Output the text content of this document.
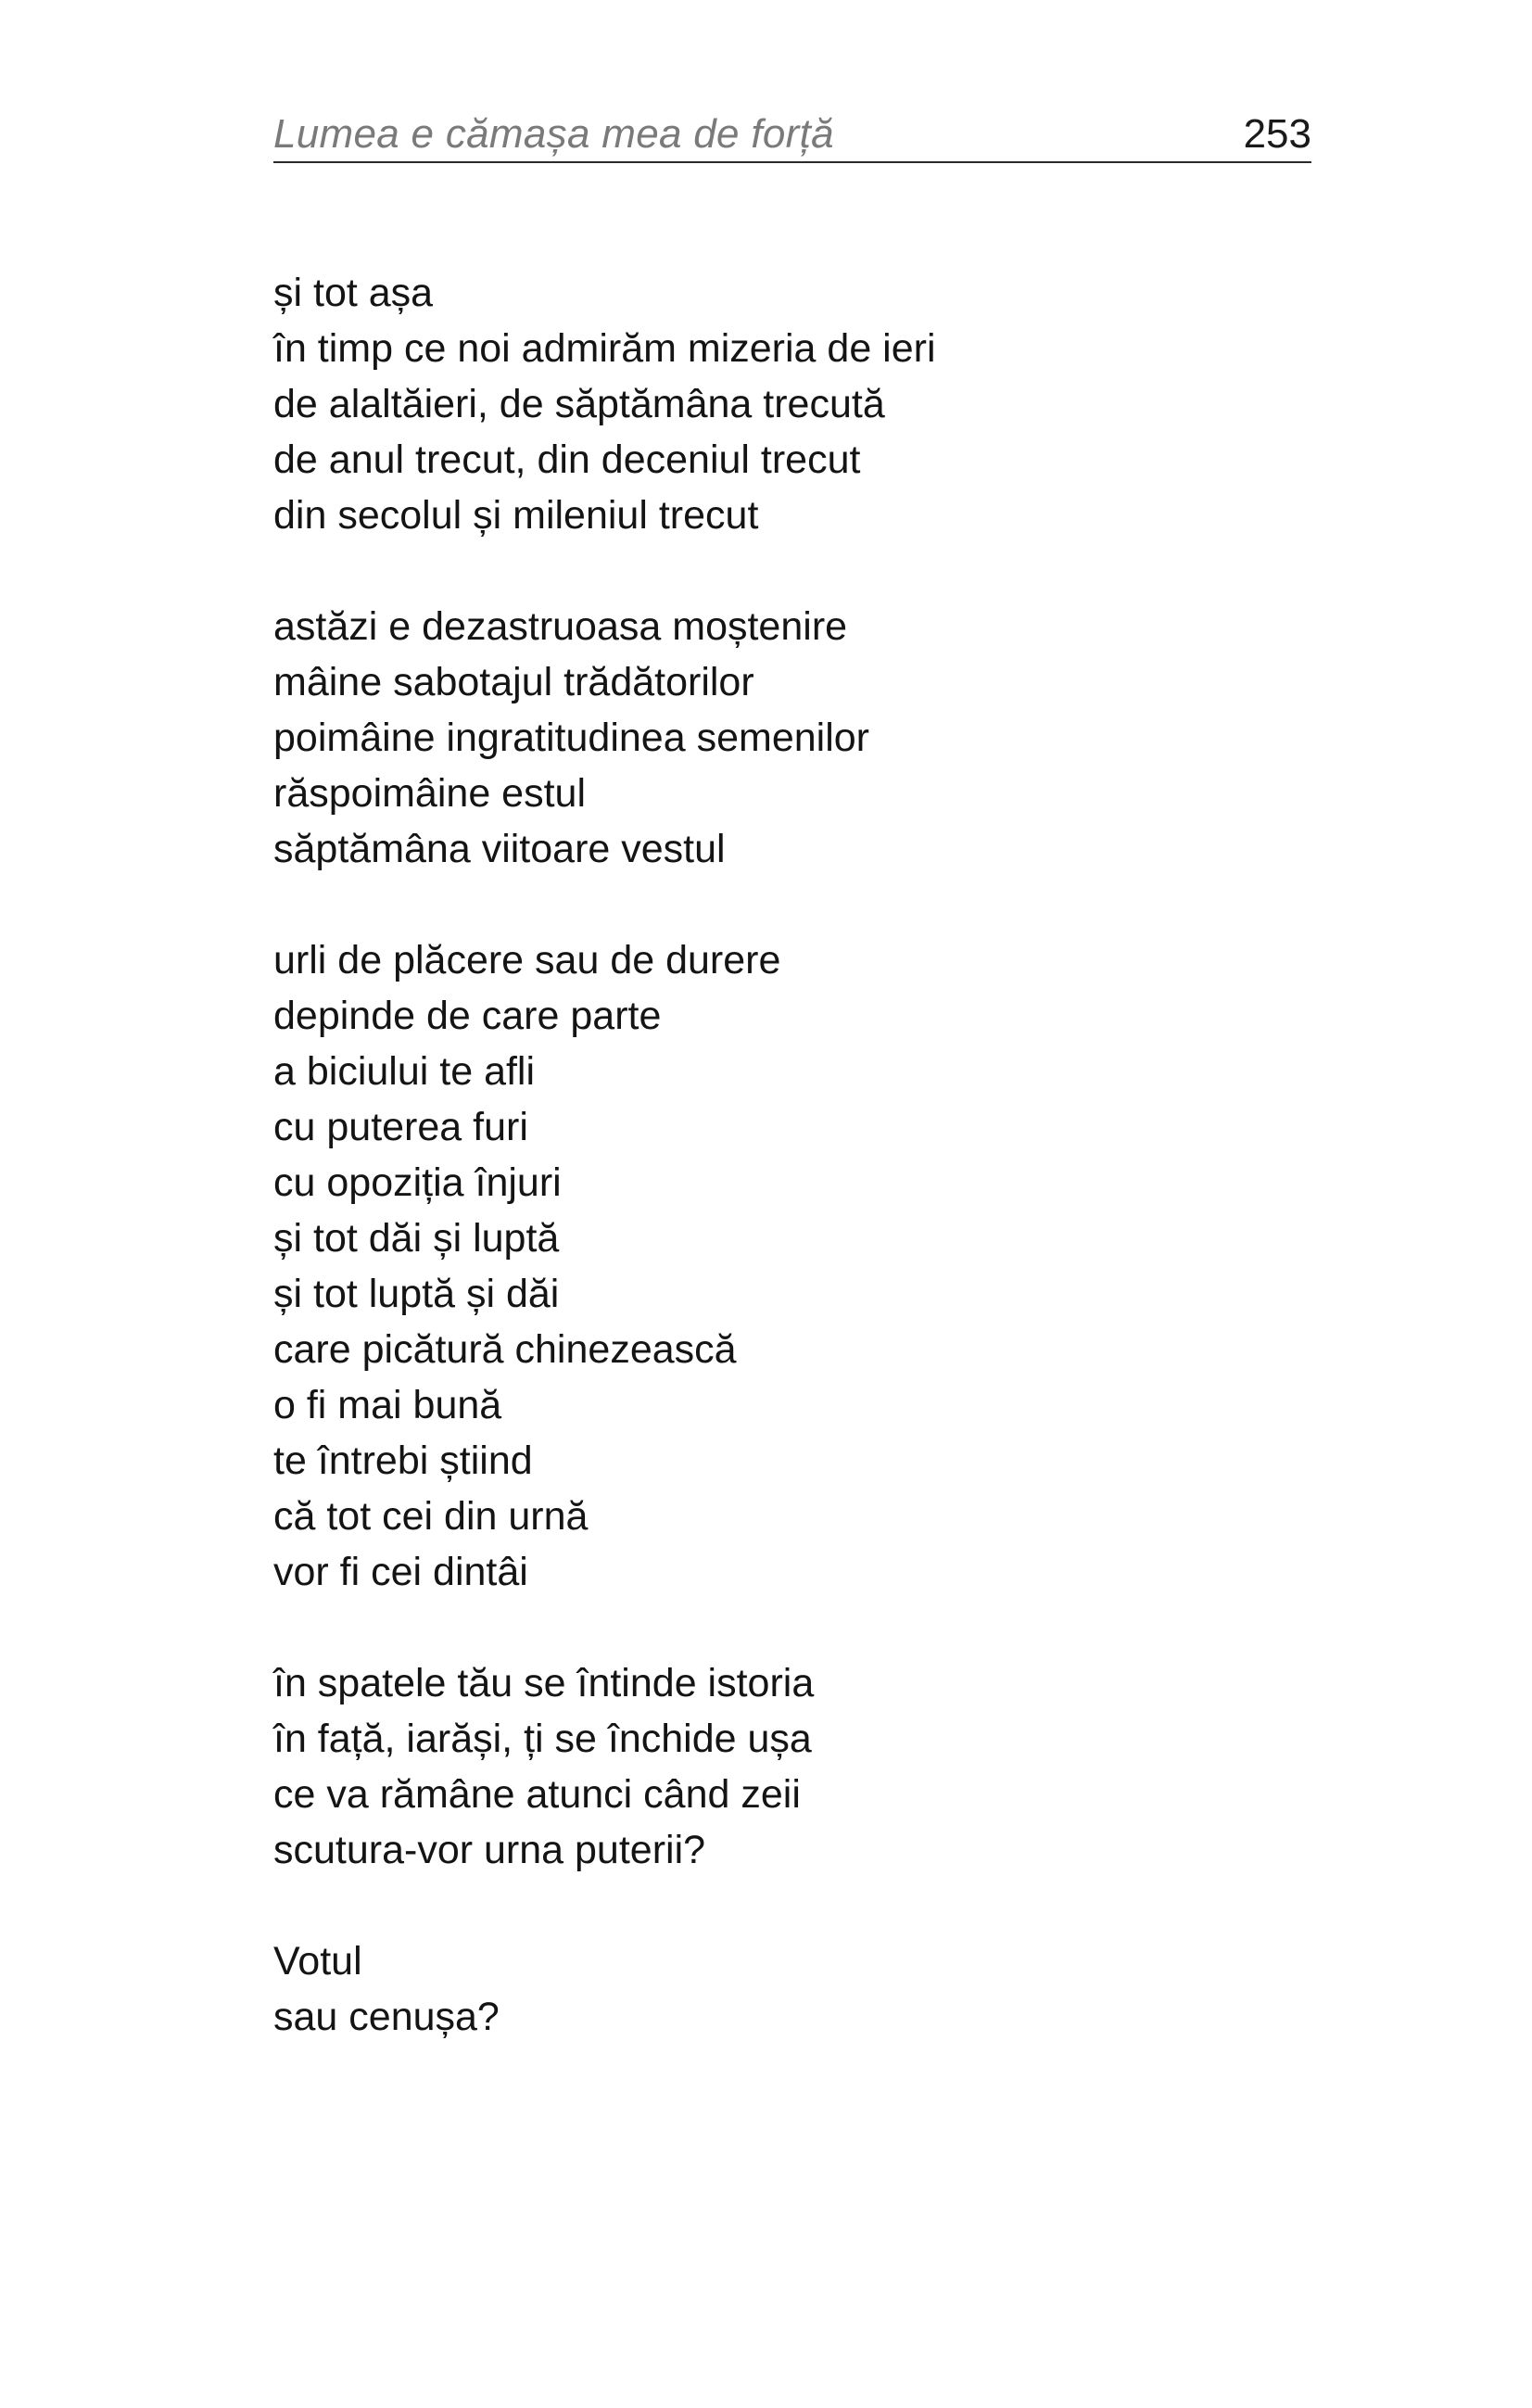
Lumea e cămașa mea de forță	253
și tot așa
în timp ce noi admirăm mizeria de ieri
de alaltăieri, de săptămâna trecută
de anul trecut, din deceniul trecut
din secolul și mileniul trecut
astăzi e dezastruoasa moștenire
mâine sabotajul trădătorilor
poimâine ingratitudinea semenilor
răspoimâine estul
săptămâna viitoare vestul
urli de plăcere sau de durere
depinde de care parte
a biciului te afli
cu puterea furi
cu opoziția înjuri
și tot dăi și luptă
și tot luptă și dăi
care picătură chinezească
o fi mai bună
te întrebi știind
că tot cei din urnă
vor fi cei dintâi
în spatele tău se întinde istoria
în față, iarăși, ți se închide ușa
ce va rămâne atunci când zeii
scutura-vor urna puterii?
Votul
sau cenușa?
